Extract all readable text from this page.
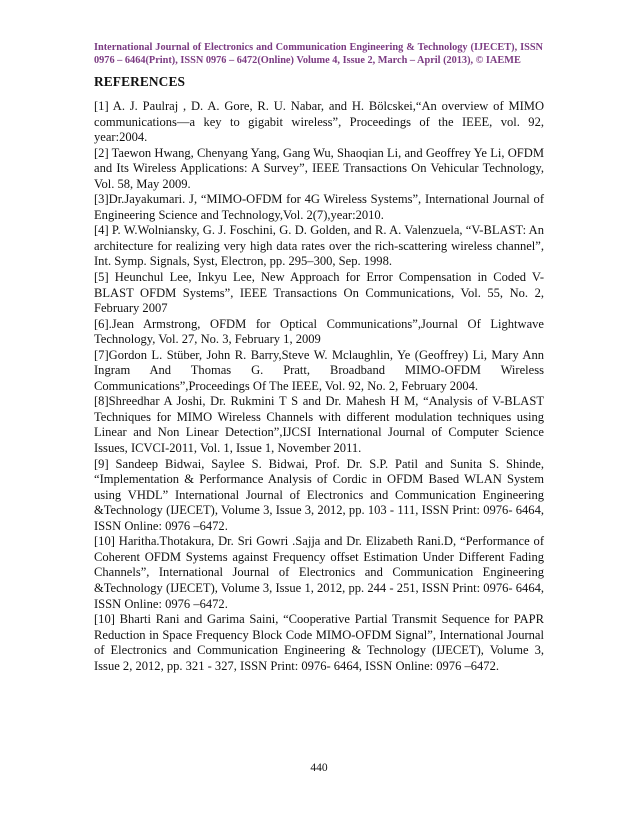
International Journal of Electronics and Communication Engineering & Technology (IJECET), ISSN 0976 – 6464(Print), ISSN 0976 – 6472(Online) Volume 4, Issue 2, March – April (2013), © IAEME
REFERENCES
[1] A. J. Paulraj , D. A. Gore, R. U. Nabar, and H. Bölcskei,“An overview of MIMO communications—a key to gigabit wireless”, Proceedings of the IEEE, vol. 92, year:2004.
[2] Taewon Hwang, Chenyang Yang, Gang Wu, Shaoqian Li, and Geoffrey Ye Li, OFDM and Its Wireless Applications: A Survey”, IEEE Transactions On Vehicular Technology, Vol. 58, May 2009.
[3]Dr.Jayakumari. J, “MIMO-OFDM for 4G Wireless Systems”, International Journal of Engineering Science and Technology,Vol. 2(7),year:2010.
[4] P. W.Wolniansky, G. J. Foschini, G. D. Golden, and R. A. Valenzuela, “V-BLAST: An architecture for realizing very high data rates over the rich-scattering wireless channel”, Int. Symp. Signals, Syst, Electron, pp. 295–300, Sep. 1998.
[5] Heunchul Lee, Inkyu Lee, New Approach for Error Compensation in Coded V-BLAST OFDM Systems”, IEEE Transactions On Communications, Vol. 55, No. 2, February 2007
[6].Jean Armstrong, OFDM for Optical Communications”,Journal Of Lightwave Technology, Vol. 27, No. 3, February 1, 2009
[7]Gordon L. Stüber, John R. Barry,Steve W. Mclaughlin, Ye (Geoffrey) Li, Mary Ann Ingram And Thomas G. Pratt, Broadband MIMO-OFDM Wireless Communications”,Proceedings Of The IEEE, Vol. 92, No. 2, February 2004.
[8]Shreedhar A Joshi, Dr. Rukmini T S and Dr. Mahesh H M, “Analysis of V-BLAST Techniques for MIMO Wireless Channels with different modulation techniques using Linear and Non Linear Detection”,IJCSI International Journal of Computer Science Issues, ICVCI-2011, Vol. 1, Issue 1, November 2011.
[9] Sandeep Bidwai, Saylee S. Bidwai, Prof. Dr. S.P. Patil and Sunita S. Shinde, “Implementation & Performance Analysis of Cordic in OFDM Based WLAN System using VHDL” International Journal of Electronics and Communication Engineering &Technology (IJECET), Volume 3, Issue 3, 2012, pp. 103 - 111, ISSN Print: 0976- 6464, ISSN Online: 0976 –6472.
[10] Haritha.Thotakura, Dr. Sri Gowri .Sajja and Dr. Elizabeth Rani.D, “Performance of Coherent OFDM Systems against Frequency offset Estimation Under Different Fading Channels”, International Journal of Electronics and Communication Engineering &Technology (IJECET), Volume 3, Issue 1, 2012, pp. 244 - 251, ISSN Print: 0976- 6464, ISSN Online: 0976 –6472.
[10] Bharti Rani and Garima Saini, “Cooperative Partial Transmit Sequence for PAPR Reduction in Space Frequency Block Code MIMO-OFDM Signal”, International Journal of Electronics and Communication Engineering & Technology (IJECET), Volume 3, Issue 2, 2012, pp. 321 - 327, ISSN Print: 0976- 6464, ISSN Online: 0976 –6472.
440
